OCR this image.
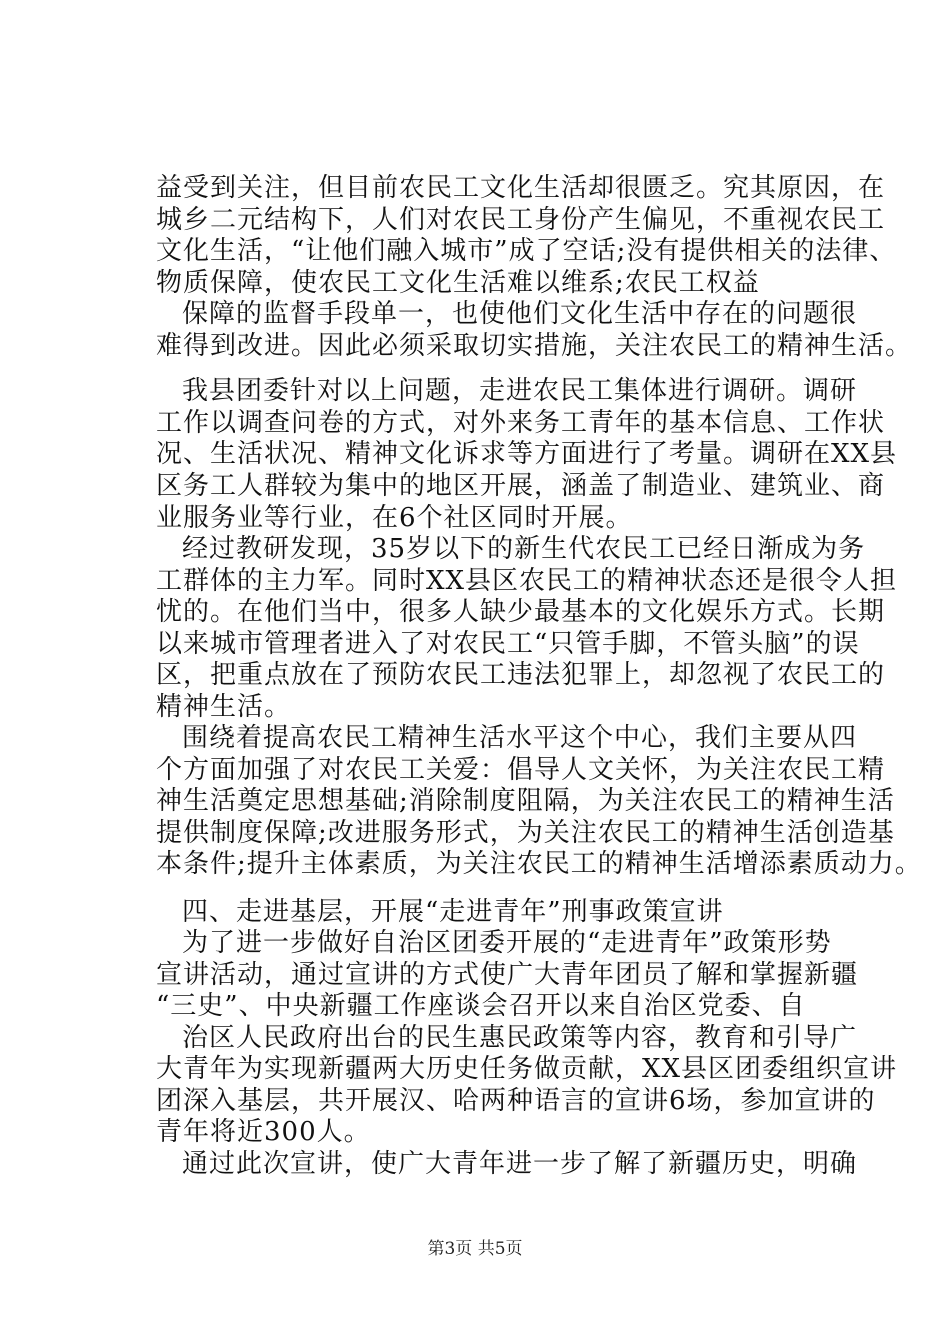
益受到关注，但目前农民工文化生活却很匮乏。究其原因，在
城乡二元结构下，人们对农民工身份产生偏见，不重视农民工
文化生活，“让他们融入城市”成了空话;没有提供相关的法律、
物质保障，使农民工文化生活难以维系;农民工权益
保障的监督手段单一，也使他们文化生活中存在的问题很
难得到改进。因此必须采取切实措施，关注农民工的精神生活。
我县团委针对以上问题，走进农民工集体进行调研。调研
工作以调查问卷的方式，对外来务工青年的基本信息、工作状
况、生活状况、精神文化诉求等方面进行了考量。调研在XX县
区务工人群较为集中的地区开展，涵盖了制造业、建筑业、商
业服务业等行业，在6个社区同时开展。
经过教研发现，35岁以下的新生代农民工已经日渐成为务
工群体的主力军。同时XX县区农民工的精神状态还是很令人担
忧的。在他们当中，很多人缺少最基本的文化娱乐方式。长期
以来城市管理者进入了对农民工“只管手脚，不管头脑”的误
区，把重点放在了预防农民工违法犯罪上，却忽视了农民工的
精神生活。
围绕着提高农民工精神生活水平这个中心，我们主要从四
个方面加强了对农民工关爱：倡导人文关怀，为关注农民工精
神生活奠定思想基础;消除制度阻隔，为关注农民工的精神生活
提供制度保障;改进服务形式，为关注农民工的精神生活创造基
本条件;提升主体素质，为关注农民工的精神生活增添素质动力。
四、走进基层，开展“走进青年”刑事政策宣讲
为了进一步做好自治区团委开展的“走进青年”政策形势
宣讲活动，通过宣讲的方式使广大青年团员了解和掌握新疆
“三史”、中央新疆工作座谈会召开以来自治区党委、自
治区人民政府出台的民生惠民政策等内容，教育和引导广
大青年为实现新疆两大历史任务做贡献，XX县区团委组织宣讲
团深入基层，共开展汉、哈两种语言的宣讲6场，参加宣讲的
青年将近300人。
通过此次宣讲，使广大青年进一步了解了新疆历史，明确
第3页 共5页
